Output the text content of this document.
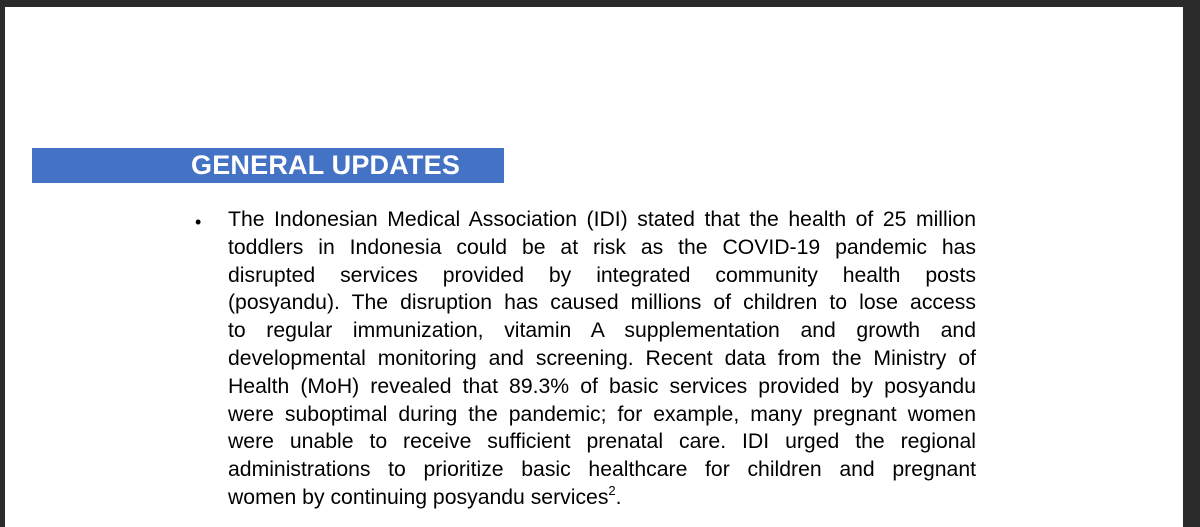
GENERAL UPDATES
• The Indonesian Medical Association (IDI) stated that the health of 25 million
toddlers in Indonesia could be at risk as the COVID-19 pandemic has
disrupted services provided by integrated community health posts
(posyandu). The disruption has caused millions of children to lose access
to regular immunization, vitamin A supplementation and growth and
developmental monitoring and screening. Recent data from the Ministry of
Health (MoH) revealed that 89.3% of basic services provided by posyandu
were suboptimal during the pandemic; for example, many pregnant women
were unable to receive sufficient prenatal care. IDI urged the regional
administrations to prioritize basic healthcare for children and pregnant
women by continuing posyandu services$^2$.
